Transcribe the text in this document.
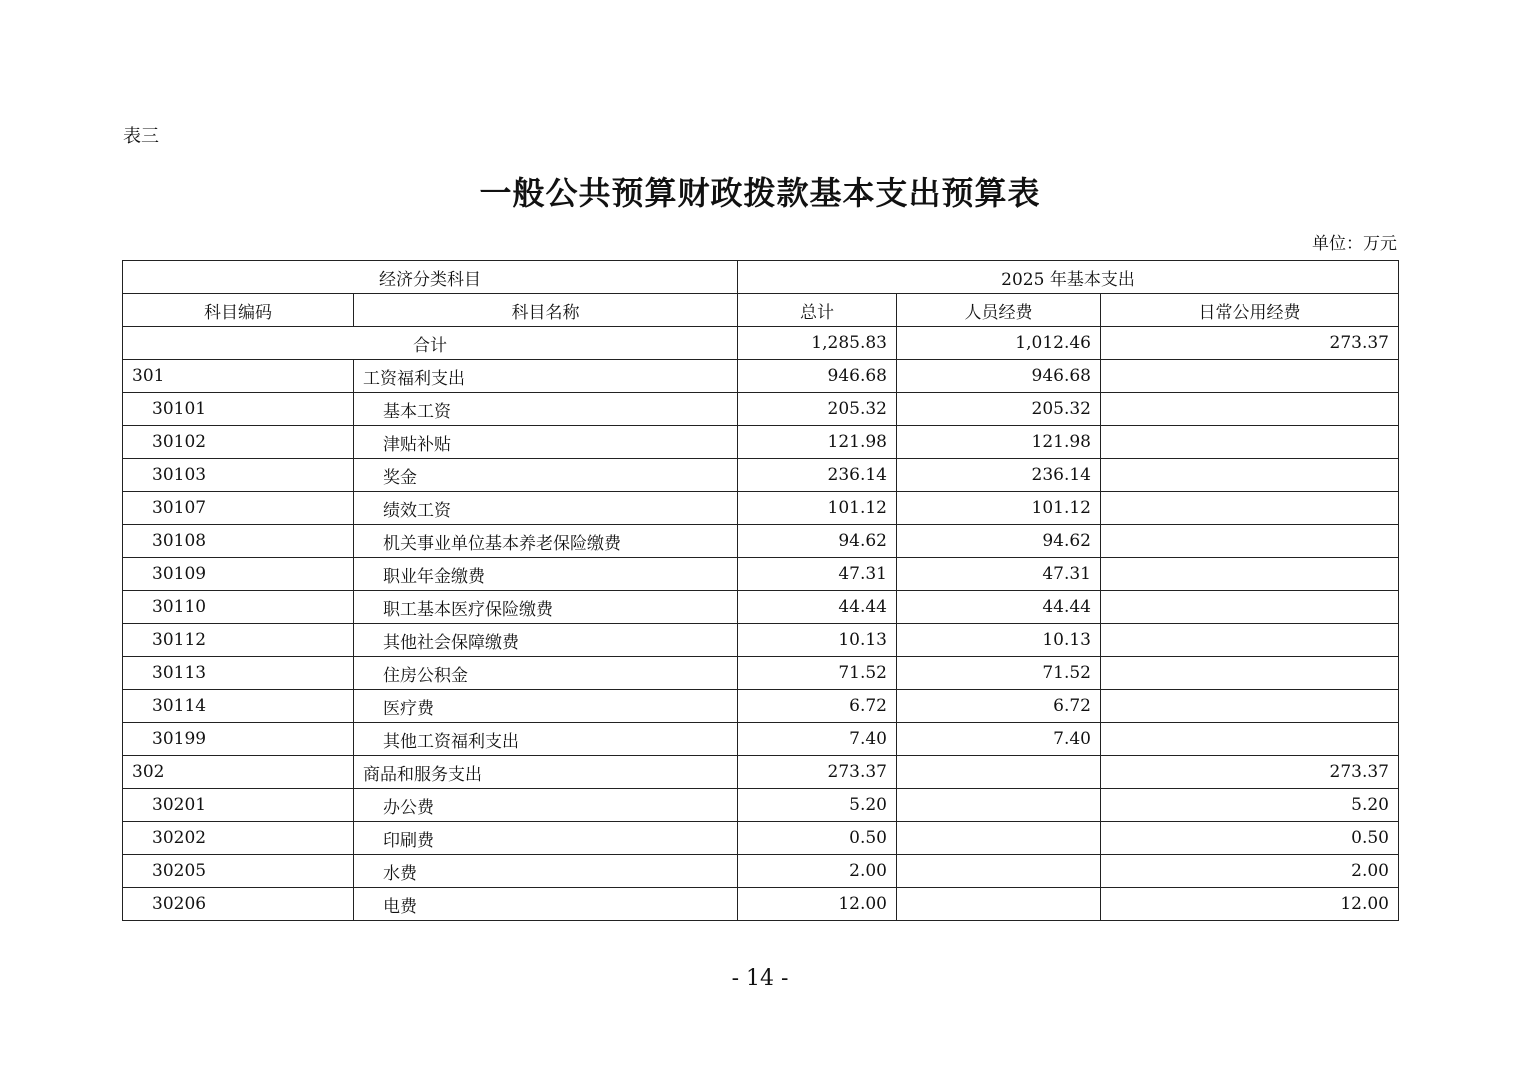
表三
一般公共预算财政拨款基本支出预算表
单位：万元
经济分类科目		2025 年基本支出		
科目编码	科目名称	总计	人员经费	日常公用经费
合计		1,285.83	1,012.46	273.37
301	工资福利支出	946.68	946.68	
30101	基本工资	205.32	205.32	
30102	津贴补贴	121.98	121.98	
30103	奖金	236.14	236.14	
30107	绩效工资	101.12	101.12	
30108	机关事业单位基本养老保险缴费	94.62	94.62	
30109	职业年金缴费	47.31	47.31	
30110	职工基本医疗保险缴费	44.44	44.44	
30112	其他社会保障缴费	10.13	10.13	
30113	住房公积金	71.52	71.52	
30114	医疗费	6.72	6.72	
30199	其他工资福利支出	7.40	7.40	
302	商品和服务支出	273.37		273.37
30201	办公费	5.20		5.20
30202	印刷费	0.50		0.50
30205	水费	2.00		2.00
30206	电费	12.00		12.00
- 14 -
